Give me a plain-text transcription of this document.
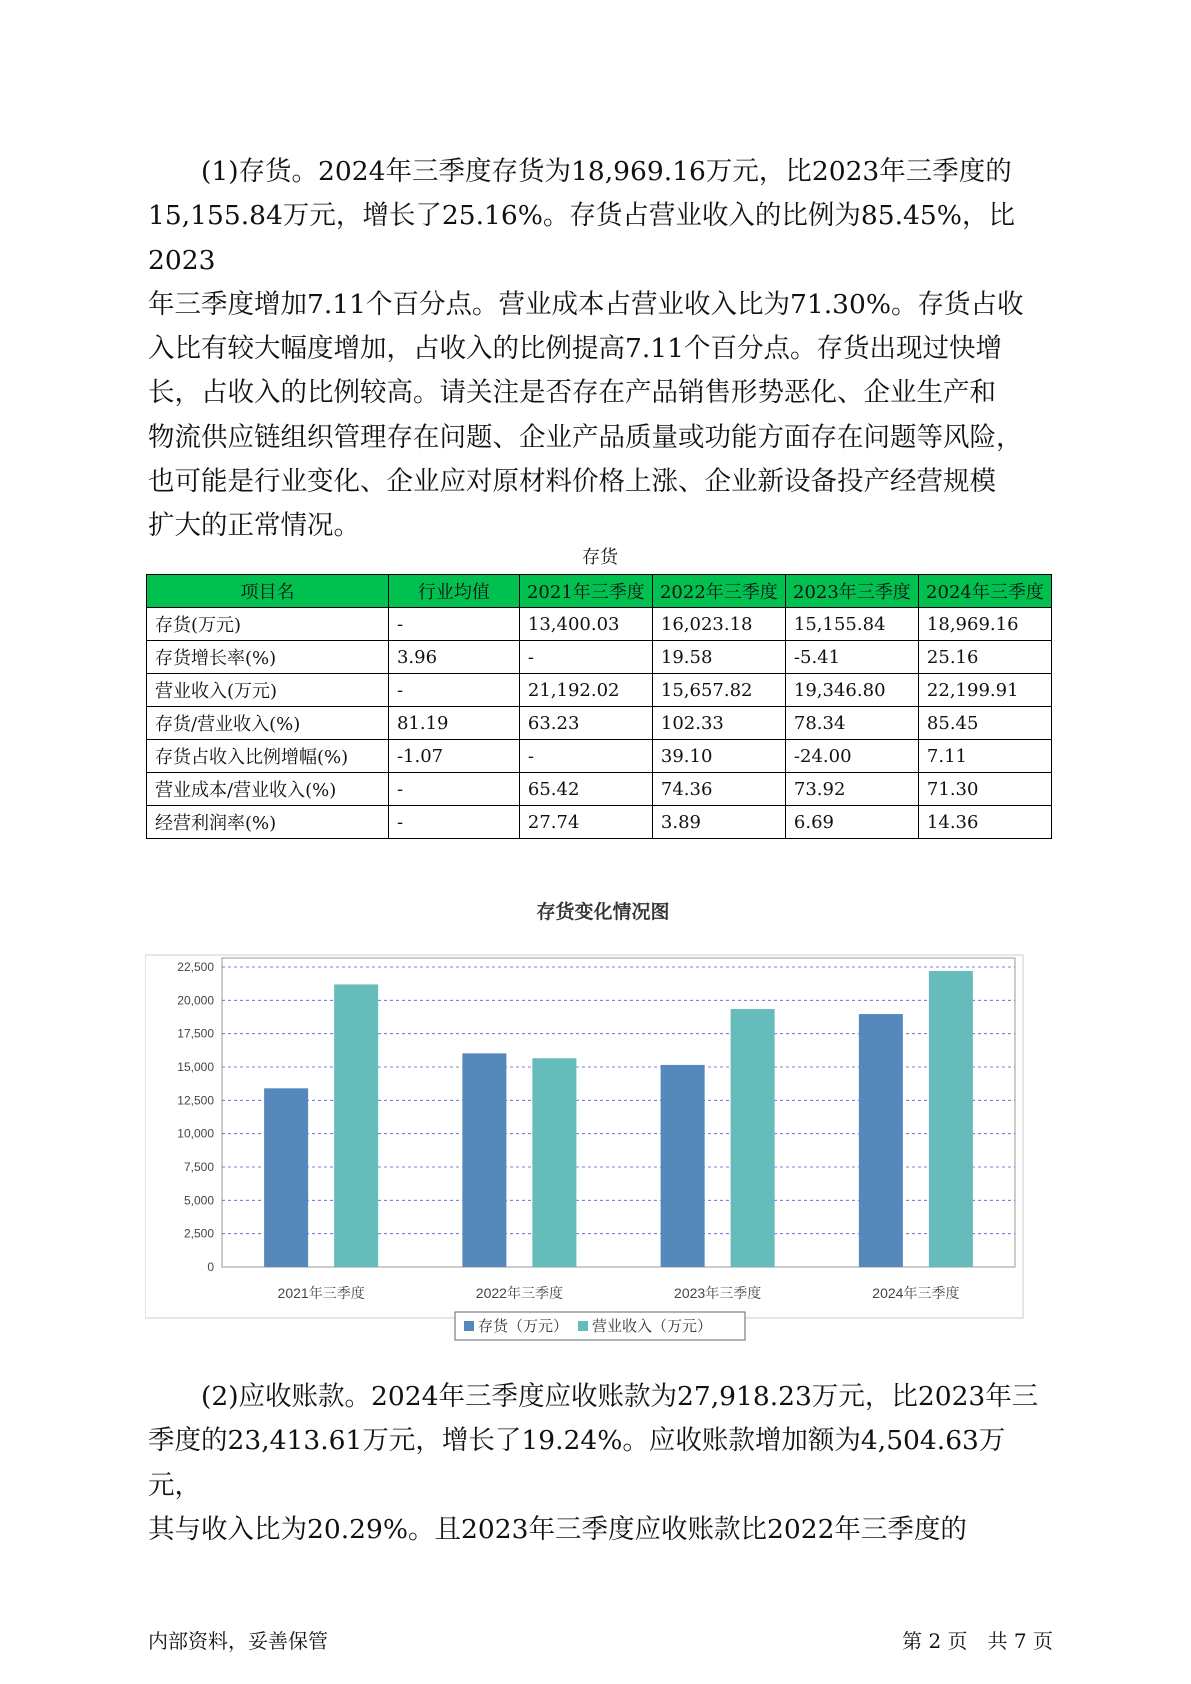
(1)存货。2024年三季度存货为18,969.16万元，比2023年三季度的
15,155.84万元，增长了25.16%。存货占营业收入的比例为85.45%，比2023
年三季度增加7.11个百分点。营业成本占营业收入比为71.30%。存货占收
入比有较大幅度增加，占收入的比例提高7.11个百分点。存货出现过快增
长，占收入的比例较高。请关注是否存在产品销售形势恶化、企业生产和
物流供应链组织管理存在问题、企业产品质量或功能方面存在问题等风险，
也可能是行业变化、企业应对原材料价格上涨、企业新设备投产经营规模
扩大的正常情况。
存货
项目名	行业均值	2021年三季度	2022年三季度	2023年三季度	2024年三季度
存货(万元)	-	13,400.03	16,023.18	15,155.84	18,969.16
存货增长率(%)	3.96	-	19.58	-5.41	25.16
营业收入(万元)	-	21,192.02	15,657.82	19,346.80	22,199.91
存货/营业收入(%)	81.19	63.23	102.33	78.34	85.45
存货占收入比例增幅(%)	-1.07	-	39.10	-24.00	7.11
营业成本/营业收入(%)	-	65.42	74.36	73.92	71.30
经营利润率(%)	-	27.74	3.89	6.69	14.36
存货变化情况图
0
2,500
5,000
7,500
10,000
12,500
15,000
17,500
20,000
22,500
2021年三季度	2022年三季度	2023年三季度	2024年三季度
存货（万元） 营业收入（万元）
(2)应收账款。2024年三季度应收账款为27,918.23万元，比2023年三
季度的23,413.61万元，增长了19.24%。应收账款增加额为4,504.63万元，
其与收入比为20.29%。且2023年三季度应收账款比2022年三季度的
内部资料，妥善保管	第 2 页　共 7 页
